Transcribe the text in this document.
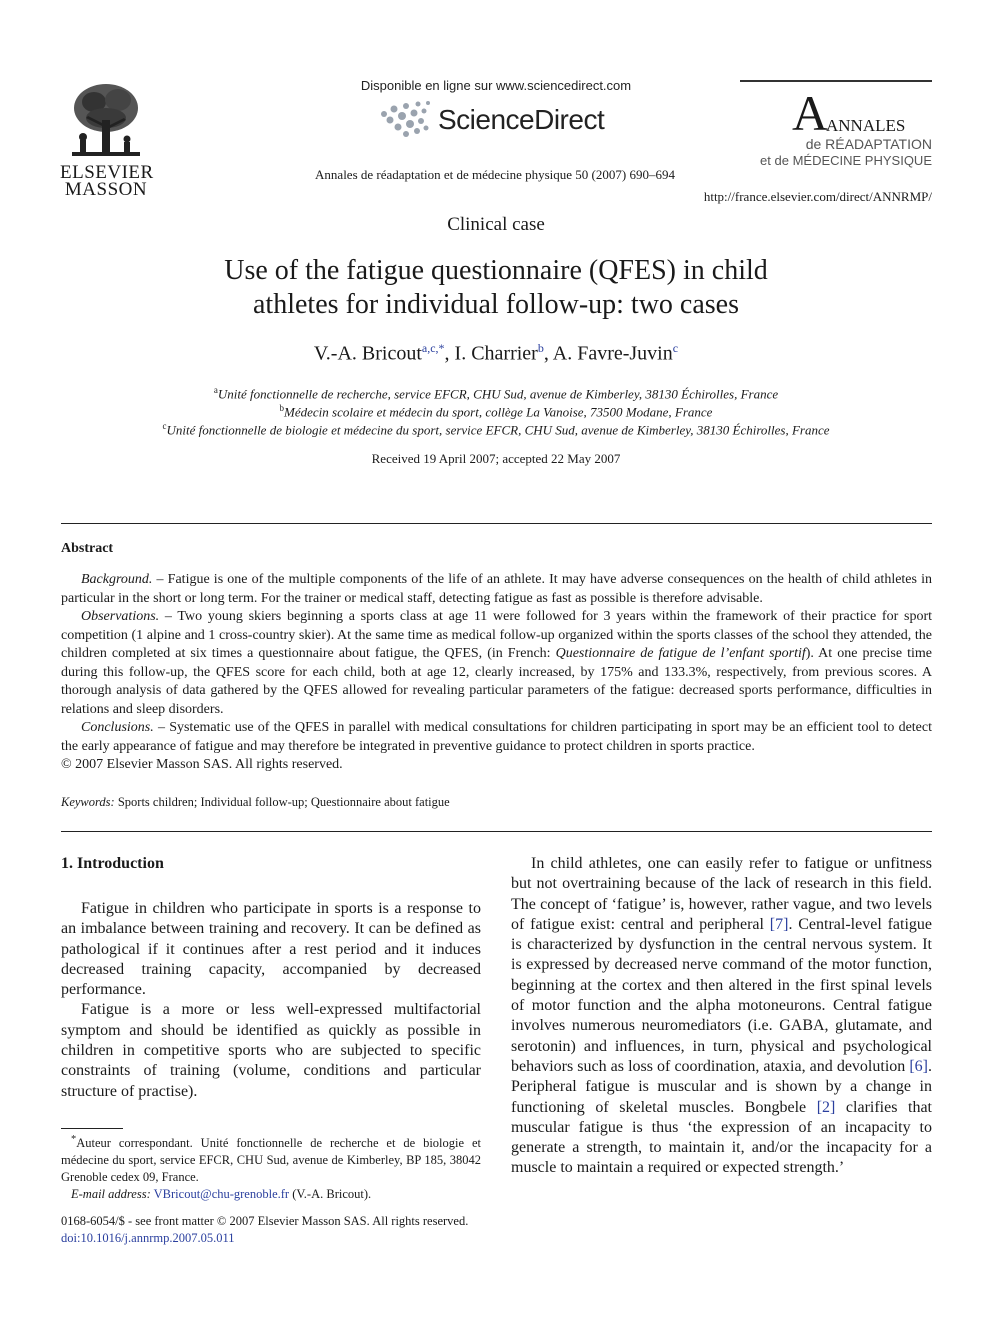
ELSEVIER
MASSON
Disponible en ligne sur www.sciencedirect.com
ScienceDirect
Annales de réadaptation et de médecine physique 50 (2007) 690–694
A
ANNALES
de RÉADAPTATION
et de MÉDECINE PHYSIQUE
http://france.elsevier.com/direct/ANNRMP/
Clinical case
Use of the fatigue questionnaire (QFES) in child
athletes for individual follow-up: two cases
V.-A. Bricout$^{a,c,*}$, I. Charrier$^b$, A. Favre-Juvin$^c$
$^a$Unité fonctionnelle de recherche, service EFCR, CHU Sud, avenue de Kimberley, 38130 Échirolles, France
$^b$Médecin scolaire et médecin du sport, collège La Vanoise, 73500 Modane, France
$^c$Unité fonctionnelle de biologie et médecine du sport, service EFCR, CHU Sud, avenue de Kimberley, 38130 Échirolles, France
Received 19 April 2007; accepted 22 May 2007
Abstract

Background. – Fatigue is one of the multiple components of the life of an athlete. It may have adverse consequences on the health of child athletes in particular in the short or long term. For the trainer or medical staff, detecting fatigue as fast as possible is therefore advisable.

Observations. – Two young skiers beginning a sports class at age 11 were followed for 3 years within the framework of their practice for sport competition (1 alpine and 1 cross-country skier). At the same time as medical follow-up organized within the sports classes of the school they attended, the children completed at six times a questionnaire about fatigue, the QFES, (in French: Questionnaire de fatigue de l’enfant sportif). At one precise time during this follow-up, the QFES score for each child, both at age 12, clearly increased, by 175% and 133.3%, respectively, from previous scores. A thorough analysis of data gathered by the QFES allowed for revealing particular parameters of the fatigue: decreased sports performance, difficulties in relations and sleep disorders.

Conclusions. – Systematic use of the QFES in parallel with medical consultations for children participating in sport may be an efficient tool to detect the early appearance of fatigue and may therefore be integrated in preventive guidance to protect children in sports practice.

© 2007 Elsevier Masson SAS. All rights reserved.

Keywords: Sports children; Individual follow-up; Questionnaire about fatigue
1. Introduction

Fatigue in children who participate in sports is a response to an imbalance between training and recovery. It can be defined as pathological if it continues after a rest period and it induces decreased training capacity, accompanied by decreased performance.

Fatigue is a more or less well-expressed multifactorial symptom and should be identified as quickly as possible in children in competitive sports who are subjected to specific constraints of training (volume, conditions and particular structure of practise).

In child athletes, one can easily refer to fatigue or unfitness but not overtraining because of the lack of research in this field. The concept of ‘fatigue’ is, however, rather vague, and two levels of fatigue exist: central and peripheral [7]. Central-level fatigue is characterized by dysfunction in the central nervous system. It is expressed by decreased nerve command of the motor function, beginning at the cortex and then altered in the first spinal levels of motor function and the alpha motoneurons. Central fatigue involves numerous neuromediators (i.e. GABA, glutamate, and serotonin) and influences, in turn, physical and psychological behaviors such as loss of coordination, ataxia, and devolution [6]. Peripheral fatigue is muscular and is shown by a change in functioning of skeletal muscles. Bongbele [2] clarifies that muscular fatigue is thus ‘the expression of an incapacity to generate a strength, to maintain it, and/or the incapacity for a muscle to maintain a required or expected strength.’

*Auteur correspondant. Unité fonctionnelle de recherche et de biologie et médecine du sport, service EFCR, CHU Sud, avenue de Kimberley, BP 185, 38042 Grenoble cedex 09, France.

E-mail address: VBricout@chu-grenoble.fr (V.-A. Bricout).

0168-6054/$ - see front matter © 2007 Elsevier Masson SAS. All rights reserved.
doi:10.1016/j.annrmp.2007.05.011
